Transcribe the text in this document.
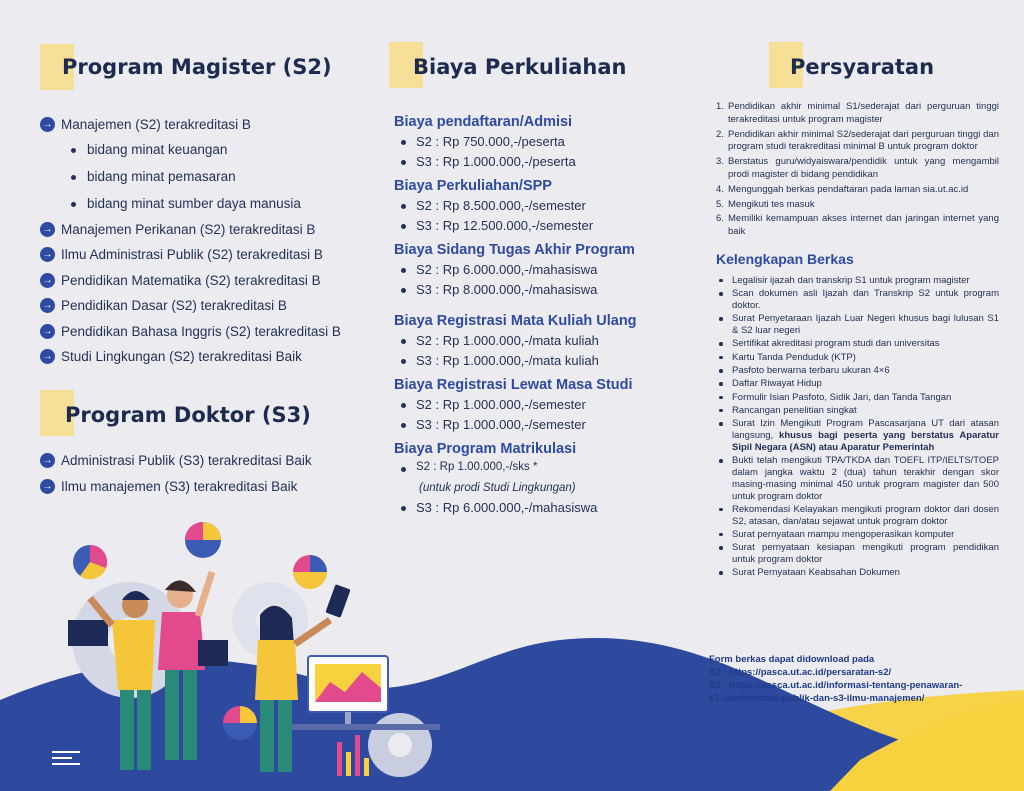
Program Magister (S2)
→ Manajemen (S2) terakreditasi B
bidang minat keuangan
bidang minat pemasaran
bidang minat sumber daya manusia
→ Manajemen Perikanan (S2) terakreditasi B
→ Ilmu Administrasi Publik (S2) terakreditasi B
→ Pendidikan Matematika (S2) terakreditasi B
→ Pendidikan Dasar (S2) terakreditasi B
→ Pendidikan Bahasa Inggris (S2) terakreditasi B
→ Studi Lingkungan (S2) terakreditasi Baik
Program Doktor (S3)
→ Administrasi Publik (S3) terakreditasi Baik
→ Ilmu manajemen (S3) terakreditasi Baik
Biaya Perkuliahan
Biaya pendaftaran/Admisi
S2 : Rp 750.000,-/peserta
S3 : Rp 1.000.000,-/peserta
Biaya Perkuliahan/SPP
S2 : Rp 8.500.000,-/semester
S3 : Rp 12.500.000,-/semester
Biaya Sidang Tugas Akhir Program
S2 : Rp 6.000.000,-/mahasiswa
S3 : Rp 8.000.000,-/mahasiswa
Biaya Registrasi Mata Kuliah Ulang
S2 : Rp 1.000.000,-/mata kuliah
S3 : Rp 1.000.000,-/mata kuliah
Biaya Registrasi Lewat Masa Studi
S2 : Rp 1.000.000,-/semester
S3 : Rp 1.000.000,-/semester
Biaya Program Matrikulasi
S2 : Rp 1.00.000,-/sks *
(untuk prodi Studi Lingkungan)
S3 : Rp 6.000.000,-/mahasiswa
Persyaratan
1. Pendidikan akhir minimal S1/sederajat dari perguruan tinggi terakreditasi untuk program magister
2. Pendidikan akhir minimal S2/sederajat dari perguruan tinggi dan program studi terakreditasi minimal B untuk program doktor
3. Berstatus guru/widyaiswara/pendidik untuk yang mengambil prodi magister di bidang pendidikan
4. Mengunggah berkas pendaftaran pada laman sia.ut.ac.id
5. Mengikuti tes masuk
6. Memiliki kemampuan akses internet dan jaringan internet yang baik
Kelengkapan Berkas
Legalisir ijazah dan transkrip S1 untuk program magister
Scan dokumen asli Ijazah dan Transkrip S2 untuk program doktor.
Surat Penyetaraan Ijazah Luar Negeri khusus bagi lulusan S1 & S2 luar negeri
Sertifikat akreditasi program studi dan universitas
Kartu Tanda Penduduk (KTP)
Pasfoto berwarna terbaru ukuran 4×6
Daftar Riwayat Hidup
Formulir Isian Pasfoto, Sidik Jari, dan Tanda Tangan
Rancangan penelitian singkat
Surat Izin Mengikuti Program Pascasarjana UT dari atasan langsung, khusus bagi peserta yang berstatus Aparatur Sipil Negara (ASN) atau Aparatur Pemerintah
Bukti telah mengikuti TPA/TKDA dan TOEFL ITP/IELTS/TOEP dalam jangka waktu 2 (dua) tahun terakhir dengan skor masing-masing minimal 450 untuk program magister dan 500 untuk program doktor
Rekomendasi Kelayakan mengikuti program doktor dari dosen S2, atasan, dan/atau sejawat untuk program doktor
Surat pernyataan mampu mengoperasikan komputer
Surat pernyataan kesiapan mengikuti program pendidikan untuk program doktor
Surat Pernyataan Keabsahan Dokumen
Form berkas dapat didownload pada
S2 : https://pasca.ut.ac.id/persaratan-s2/
S3 : https://pasca.ut.ac.id/informasi-tentang-penawaran-
s3-administrasi-publik-dan-s3-ilmu-manajemen/
